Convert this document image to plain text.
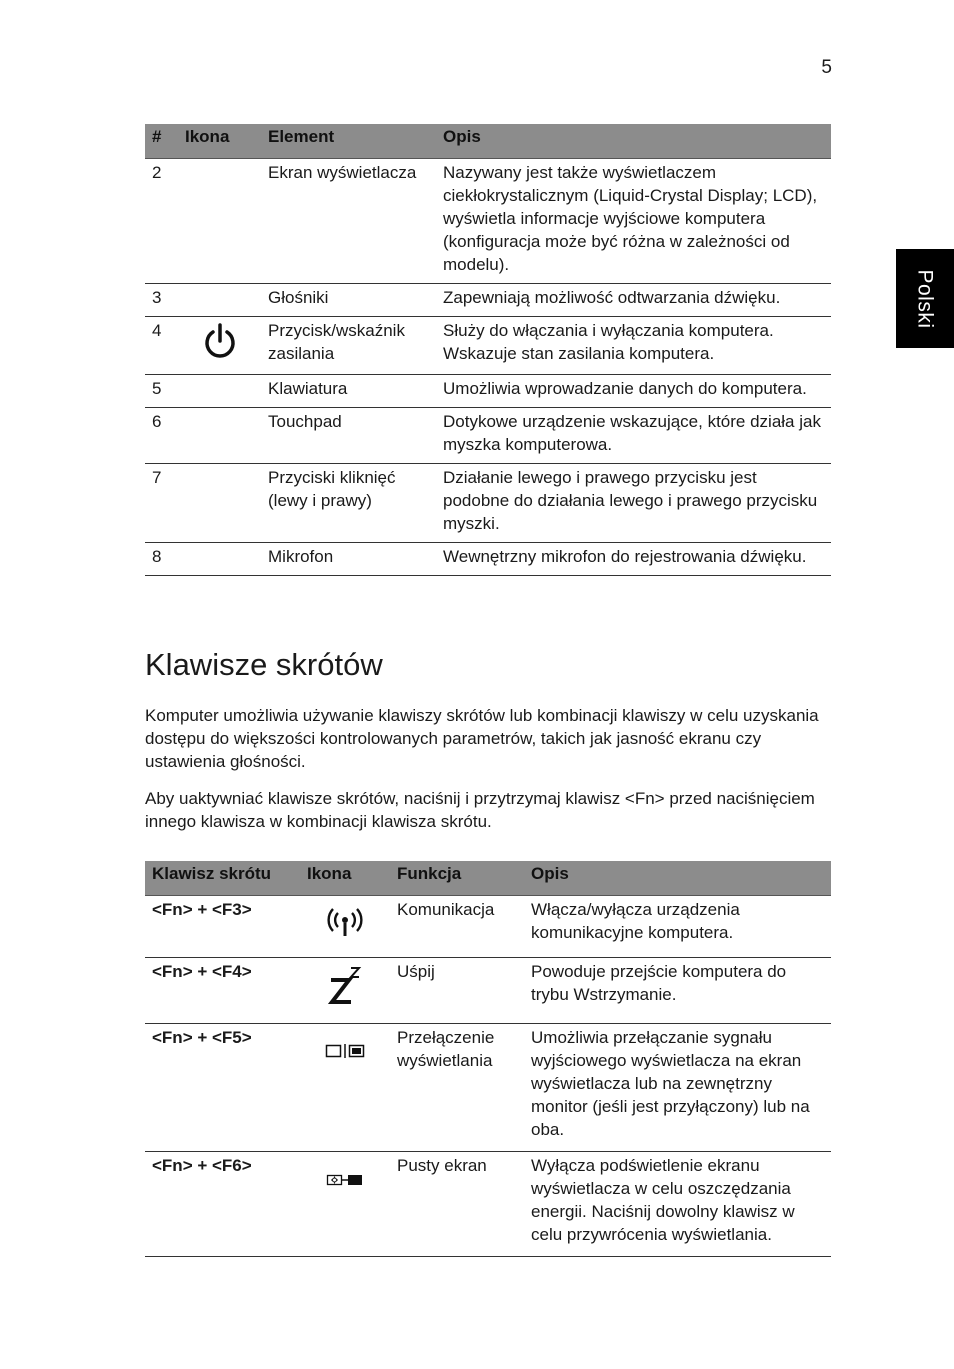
5
Polski
#	Ikona	Element	Opis
2		Ekran wyświetlacza	Nazywany jest także wyświetlaczem ciekłokrystalicznym (Liquid-Crystal Display; LCD), wyświetla informacje wyjściowe komputera (konfiguracja może być różna w zależności od modelu).
3		Głośniki	Zapewniają możliwość odtwarzania dźwięku.
4		Przycisk/wskaźnik zasilania	Służy do włączania i wyłączania komputera. Wskazuje stan zasilania komputera.
5		Klawiatura	Umożliwia wprowadzanie danych do komputera.
6		Touchpad	Dotykowe urządzenie wskazujące, które działa jak myszka komputerowa.
7		Przyciski kliknięć (lewy i prawy)	Działanie lewego i prawego przycisku jest podobne do działania lewego i prawego przycisku myszki.
8		Mikrofon	Wewnętrzny mikrofon do rejestrowania dźwięku.
Klawisze skrótów

Komputer umożliwia używanie klawiszy skrótów lub kombinacji klawiszy w celu uzyskania dostępu do większości kontrolowanych parametrów, takich jak jasność ekranu czy ustawienia głośności.

Aby uaktywniać klawisze skrótów, naciśnij i przytrzymaj klawisz <Fn> przed naciśnięciem innego klawisza w kombinacji klawisza skrótu.

Klawisz skrótu	Ikona	Funkcja	Opis
<Fn> + <F3>		Komunikacja	Włącza/wyłącza urządzenia komunikacyjne komputera.
<Fn> + <F4>		Uśpij	Powoduje przejście komputera do trybu Wstrzymanie.
<Fn> + <F5>		Przełączenie wyświetlania	Umożliwia przełączanie sygnału wyjściowego wyświetlacza na ekran wyświetlacza lub na zewnętrzny monitor (jeśli jest przyłączony) lub na oba.
<Fn> + <F6>		Pusty ekran	Wyłącza podświetlenie ekranu wyświetlacza w celu oszczędzania energii. Naciśnij dowolny klawisz w celu przywrócenia wyświetlania.
